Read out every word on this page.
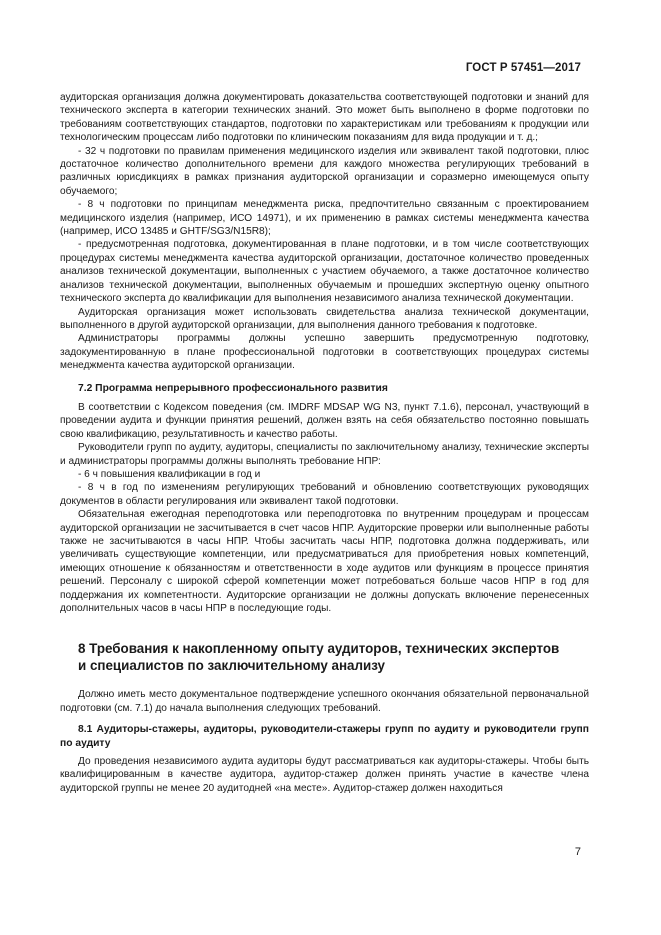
ГОСТ Р 57451—2017

аудиторская организация должна документировать доказательства соответствующей подготовки и знаний для технического эксперта в категории технических знаний. Это может быть выполнено в форме подготовки по требованиям соответствующих стандартов, подготовки по характеристикам или требованиям к продукции или технологическим процессам либо подготовки по клиническим показаниям для вида продукции и т. д.;

- 32 ч подготовки по правилам применения медицинского изделия или эквивалент такой подготовки, плюс достаточное количество дополнительного времени для каждого множества регулирующих требований в различных юрисдикциях в рамках признания аудиторской организации и соразмерно имеющемуся опыту обучаемого;

- 8 ч подготовки по принципам менеджмента риска, предпочтительно связанным с проектированием медицинского изделия (например, ИСО 14971), и их применению в рамках системы менеджмента качества (например, ИСО 13485 и GHTF/SG3/N15R8);

- предусмотренная подготовка, документированная в плане подготовки, и в том числе соответствующих процедурах системы менеджмента качества аудиторской организации, достаточное количество проведенных анализов технической документации, выполненных с участием обучаемого, а также достаточное количество анализов технической документации, выполненных обучаемым и прошедших экспертную оценку опытного технического эксперта до квалификации для выполнения независимого анализа технической документации.

Аудиторская организация может использовать свидетельства анализа технической документации, выполненного в другой аудиторской организации, для выполнения данного требования к подготовке.

Администраторы программы должны успешно завершить предусмотренную подготовку, задокументированную в плане профессиональной подготовки в соответствующих процедурах системы менеджмента качества аудиторской организации.

7.2 Программа непрерывного профессионального развития

В соответствии с Кодексом поведения (см. IMDRF MDSAP WG N3, пункт 7.1.6), персонал, участвующий в проведении аудита и функции принятия решений, должен взять на себя обязательство постоянно повышать свою квалификацию, результативность и качество работы.

Руководители групп по аудиту, аудиторы, специалисты по заключительному анализу, технические эксперты и администраторы программы должны выполнять требование НПР:

- 6 ч повышения квалификации в год и

- 8 ч в год по изменениям регулирующих требований и обновлению соответствующих руководящих документов в области регулирования или эквивалент такой подготовки.

Обязательная ежегодная переподготовка или переподготовка по внутренним процедурам и процессам аудиторской организации не засчитывается в счет часов НПР. Аудиторские проверки или выполненные работы также не засчитываются в часы НПР. Чтобы засчитать часы НПР, подготовка должна поддерживать, или увеличивать существующие компетенции, или предусматриваться для приобретения новых компетенций, имеющих отношение к обязанностям и ответственности в ходе аудитов или функциям в процессе принятия решений. Персоналу с широкой сферой компетенции может потребоваться больше часов НПР в год для поддержания их компетентности. Аудиторские организации не должны допускать включение перенесенных дополнительных часов в часы НПР в последующие годы.

8 Требования к накопленному опыту аудиторов, технических экспертов
и специалистов по заключительному анализу

Должно иметь место документальное подтверждение успешного окончания обязательной первоначальной подготовки (см. 7.1) до начала выполнения следующих требований.

8.1 Аудиторы-стажеры, аудиторы, руководители-стажеры групп по аудиту и руководители групп по аудиту

До проведения независимого аудита аудиторы будут рассматриваться как аудиторы-стажеры. Чтобы быть квалифицированным в качестве аудитора, аудитор-стажер должен принять участие в качестве члена аудиторской группы не менее 20 аудитодней «на месте». Аудитор-стажер должен находиться

7
